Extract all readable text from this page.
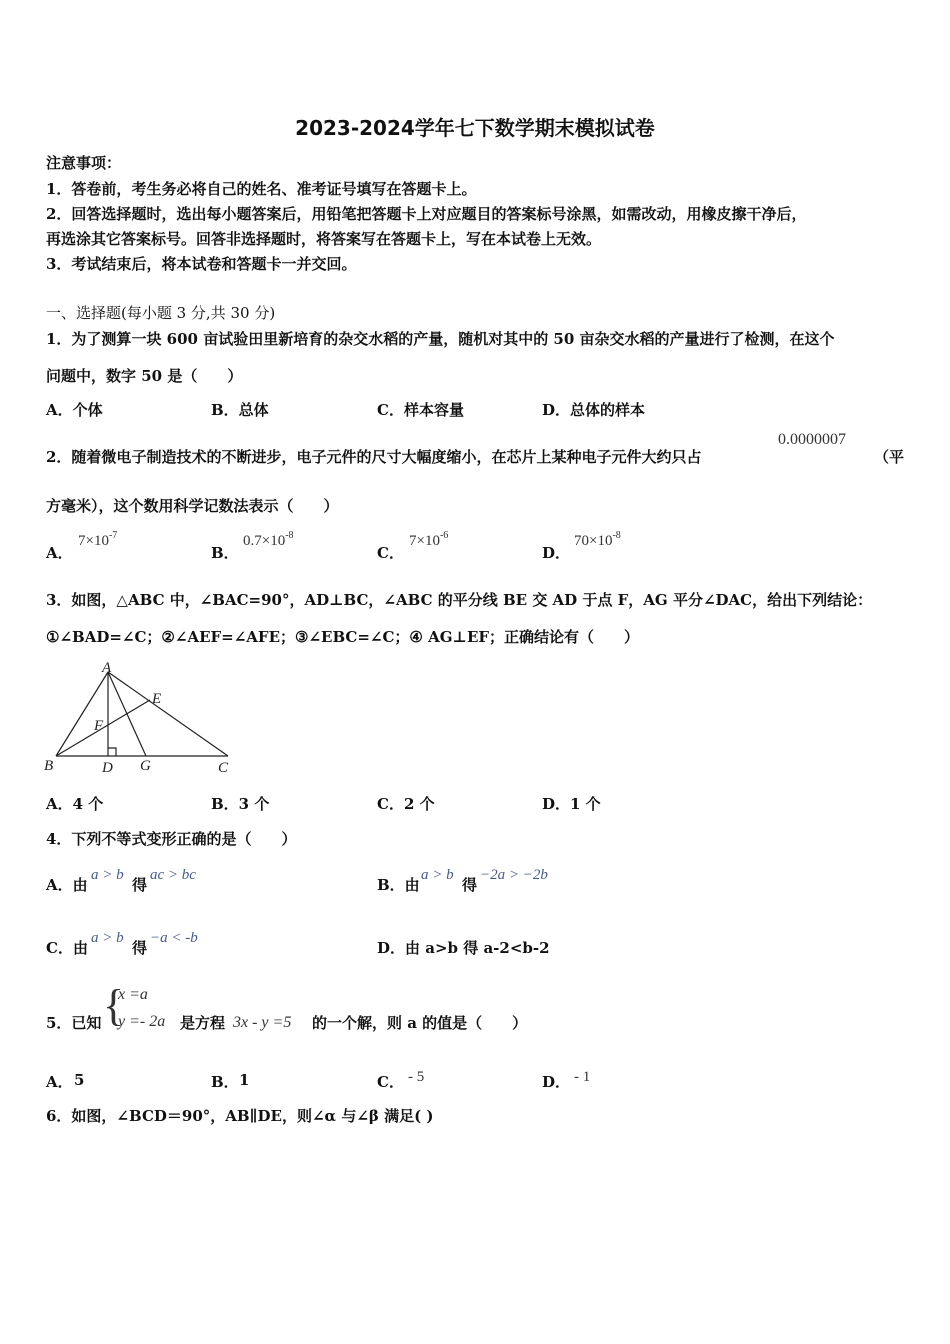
2023-2024学年七下数学期末模拟试卷
注意事项：
1．答卷前，考生务必将自己的姓名、准考证号填写在答题卡上。
2．回答选择题时，选出每小题答案后，用铅笔把答题卡上对应题目的答案标号涂黑，如需改动，用橡皮擦干净后，
再选涂其它答案标号。回答非选择题时，将答案写在答题卡上，写在本试卷上无效。
3．考试结束后，将本试卷和答题卡一并交回。
一、选择题(每小题 3 分,共 30 分)
1．为了测算一块 600 亩试验田里新培育的杂交水稻的产量，随机对其中的 50 亩杂交水稻的产量进行了检测，在这个
问题中，数字 50 是（　　）
A．个体	B．总体	C．样本容量	D．总体的样本
2．随着微电子制造技术的不断进步，电子元件的尺寸大幅度缩小，在芯片上某种电子元件大约只占
0.0000007
（平
方毫米），这个数用科学记数法表示（　　）
A．
$7\times 10^{-7}$
B．
$0.7\times 10^{-8}$
C．
$7\times 10^{-6}$
D．
$70\times 10^{-8}$
3．如图，△ABC 中，∠BAC=90°，AD⊥BC，∠ABC 的平分线 BE 交 AD 于点 F，AG 平分∠DAC，给出下列结论：
①∠BAD=∠C；②∠AEF=∠AFE；③∠EBC=∠C；④ AG⊥EF；正确结论有（　　）
A
B	C
D
E
F
G
A．4 个	B．3 个	C．2 个	D．1 个
4．下列不等式变形正确的是（　　）
A．由
a > b
得
ac > bc
B．由
a > b
得
−2a > −2b
C．由
a > b
得
−a < -b
D．由 a>b 得 a-2<b-2
5．已知 {
x =a
y =- 2a 是方程 3x - y =5 的一个解，则 a 的值是（　　）
A． 5	B． 1	C． - 5	D． - 1
6．如图，∠BCD＝90°，AB∥DE，则∠α 与∠β 满足( )
